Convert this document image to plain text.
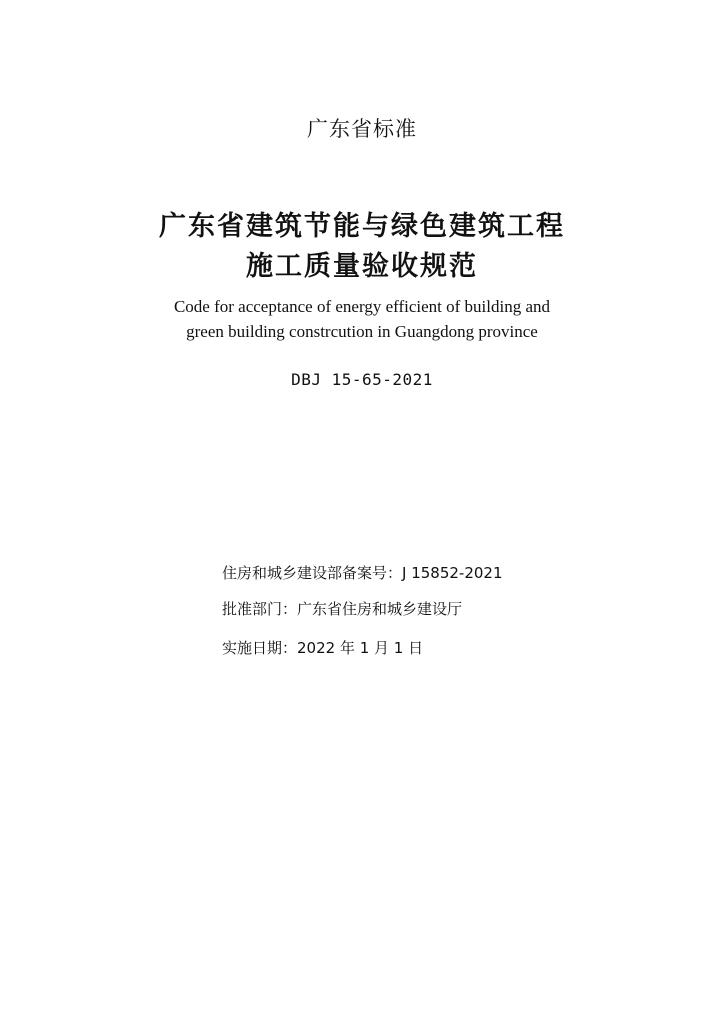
广东省标准
广东省建筑节能与绿色建筑工程
施工质量验收规范
Code for acceptance of energy efficient of building and
green building constrcution in Guangdong province
DBJ 15-65-2021
住房和城乡建设部备案号：J 15852-2021
批准部门：广东省住房和城乡建设厅
实施日期：2022 年 1 月 1 日
